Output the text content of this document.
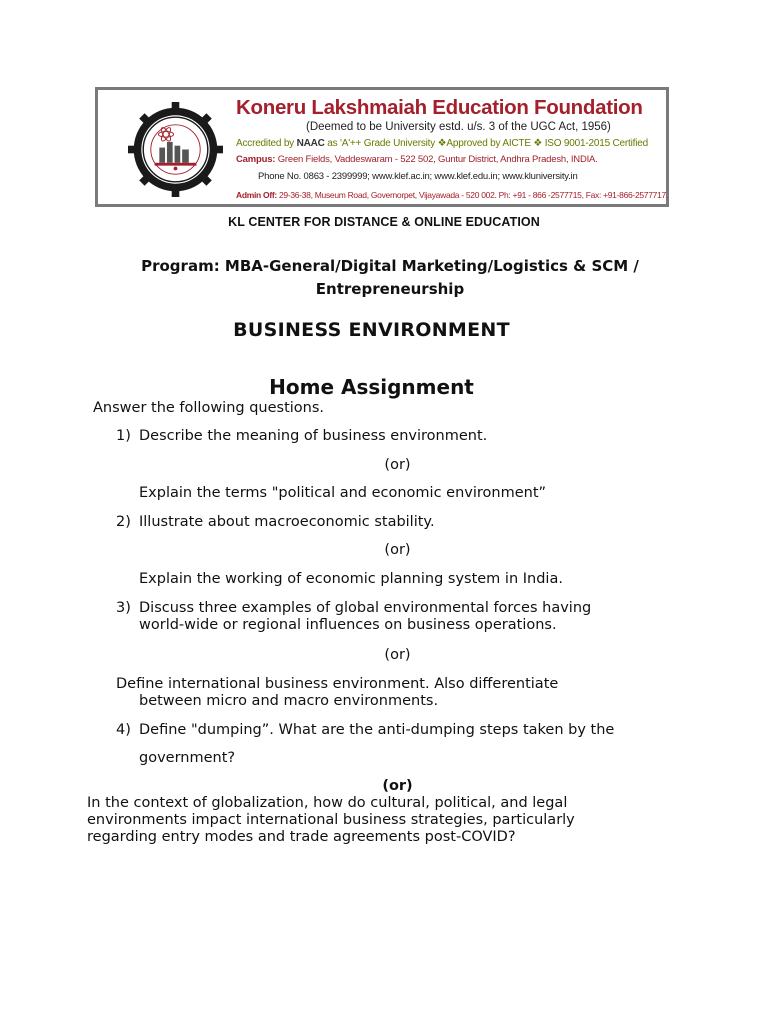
Koneru Lakshmaiah Education Foundation
(Deemed to be University estd. u/s. 3 of the UGC Act, 1956)
Accredited by NAAC as 'A'++ Grade University ❖Approved by AICTE ❖ ISO 9001-2015 Certified
Campus: Green Fields, Vaddeswaram - 522 502, Guntur District, Andhra Pradesh, INDIA.
Phone No. 0863 - 2399999; www.klef.ac.in; www.klef.edu.in; www.kluniversity.in
Admin Off: 29-36-38, Museum Road, Governorpet, Vijayawada - 520 002. Ph: +91 - 866 -2577715, Fax: +91-866-2577717.
KL CENTER FOR DISTANCE & ONLINE EDUCATION
Program: MBA-General/Digital Marketing/Logistics & SCM /
Entrepreneurship
BUSINESS ENVIRONMENT
Home Assignment
Answer the following questions.
1) Describe the meaning of business environment.
(or)
Explain the terms "political and economic environment”
2) Illustrate about macroeconomic stability.
(or)
Explain the working of economic planning system in India.
3) Discuss three examples of global environmental forces having
world-wide or regional influences on business operations.
(or)
Define international business environment. Also differentiate
between micro and macro environments.
4) Define "dumping”. What are the anti-dumping steps taken by the
government?
(or)
In the context of globalization, how do cultural, political, and legal
environments impact international business strategies, particularly
regarding entry modes and trade agreements post-COVID?
